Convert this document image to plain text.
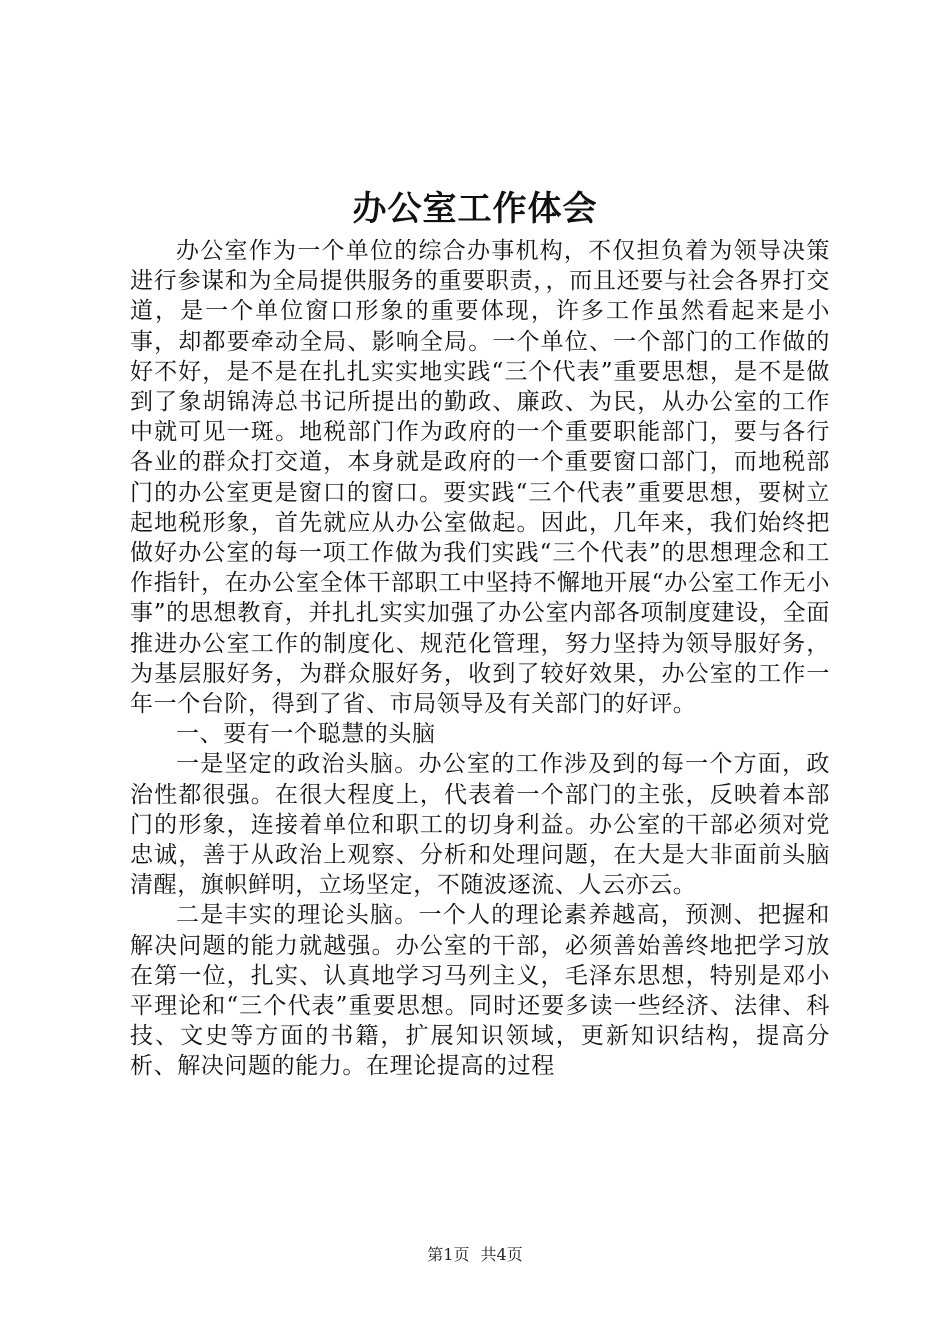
办公室工作体会

办公室作为一个单位的综合办事机构，不仅担负着为领导决策进行参谋和为全局提供服务的重要职责，，而且还要与社会各界打交道，是一个单位窗口形象的重要体现，许多工作虽然看起来是小事，却都要牵动全局、影响全局。一个单位、一个部门的工作做的好不好，是不是在扎扎实实地实践“三个代表”重要思想，是不是做到了象胡锦涛总书记所提出的勤政、廉政、为民，从办公室的工作中就可见一斑。地税部门作为政府的一个重要职能部门，要与各行各业的群众打交道，本身就是政府的一个重要窗口部门，而地税部门的办公室更是窗口的窗口。要实践“三个代表”重要思想，要树立起地税形象，首先就应从办公室做起。因此，几年来，我们始终把做好办公室的每一项工作做为我们实践“三个代表”的思想理念和工作指针，在办公室全体干部职工中坚持不懈地开展“办公室工作无小事”的思想教育，并扎扎实实加强了办公室内部各项制度建设，全面推进办公室工作的制度化、规范化管理，努力坚持为领导服好务，为基层服好务，为群众服好务，收到了较好效果，办公室的工作一年一个台阶，得到了省、市局领导及有关部门的好评。

一、要有一个聪慧的头脑

一是坚定的政治头脑。办公室的工作涉及到的每一个方面，政治性都很强。在很大程度上，代表着一个部门的主张，反映着本部门的形象，连接着单位和职工的切身利益。办公室的干部必须对党忠诚，善于从政治上观察、分析和处理问题，在大是大非面前头脑清醒，旗帜鲜明，立场坚定，不随波逐流、人云亦云。

二是丰实的理论头脑。一个人的理论素养越高，预测、把握和解决问题的能力就越强。办公室的干部，必须善始善终地把学习放在第一位，扎实、认真地学习马列主义，毛泽东思想，特别是邓小平理论和“三个代表”重要思想。同时还要多读一些经济、法律、科技、文史等方面的书籍，扩展知识领域，更新知识结构，提高分析、解决问题的能力。在理论提高的过程

第1页 共4页
